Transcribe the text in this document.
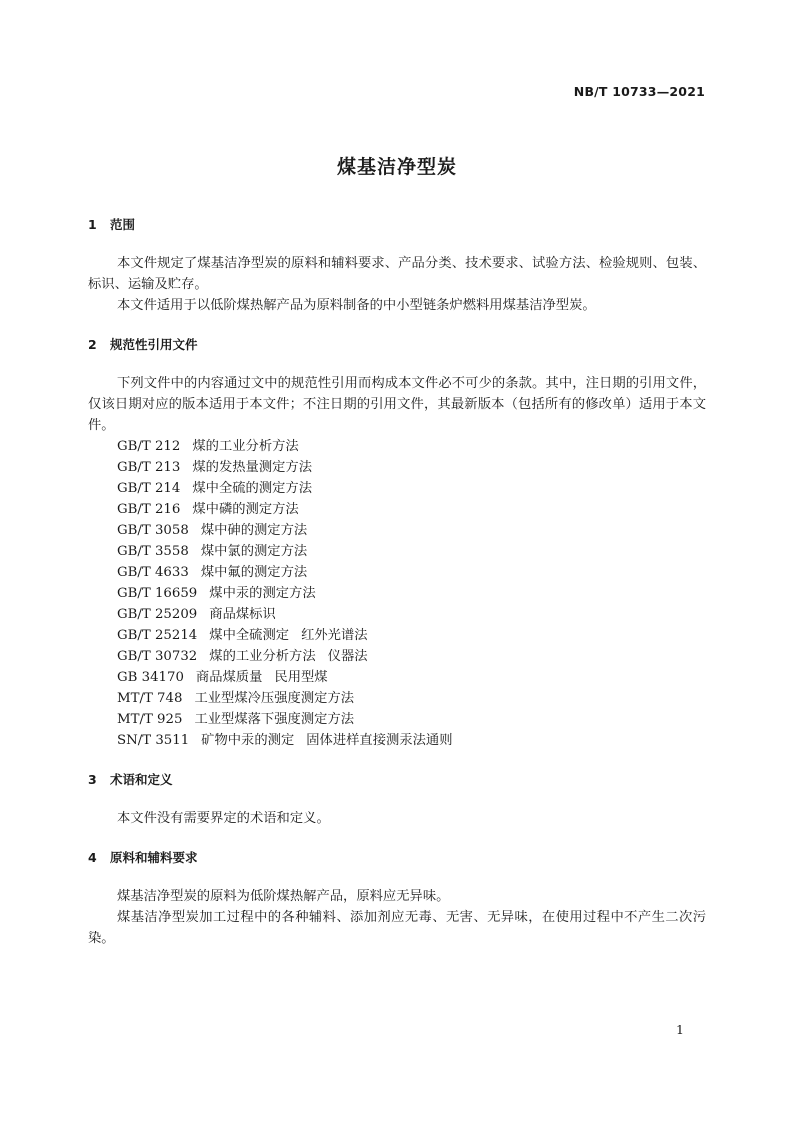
NB/T 10733—2021
煤基洁净型炭
1 范围

本文件规定了煤基洁净型炭的原料和辅料要求、产品分类、技术要求、试验方法、检验规则、包装、标识、运输及贮存。

本文件适用于以低阶煤热解产品为原料制备的中小型链条炉燃料用煤基洁净型炭。

2 规范性引用文件

下列文件中的内容通过文中的规范性引用而构成本文件必不可少的条款。其中，注日期的引用文件，仅该日期对应的版本适用于本文件；不注日期的引用文件，其最新版本（包括所有的修改单）适用于本文件。

GB/T 212 煤的工业分析方法
GB/T 213 煤的发热量测定方法
GB/T 214 煤中全硫的测定方法
GB/T 216 煤中磷的测定方法
GB/T 3058 煤中砷的测定方法
GB/T 3558 煤中氯的测定方法
GB/T 4633 煤中氟的测定方法
GB/T 16659 煤中汞的测定方法
GB/T 25209 商品煤标识
GB/T 25214 煤中全硫测定 红外光谱法
GB/T 30732 煤的工业分析方法 仪器法
GB 34170 商品煤质量 民用型煤
MT/T 748 工业型煤冷压强度测定方法
MT/T 925 工业型煤落下强度测定方法
SN/T 3511 矿物中汞的测定 固体进样直接测汞法通则
3 术语和定义

本文件没有需要界定的术语和定义。

4 原料和辅料要求

煤基洁净型炭的原料为低阶煤热解产品，原料应无异味。

煤基洁净型炭加工过程中的各种辅料、添加剂应无毒、无害、无异味，在使用过程中不产生二次污染。

1
